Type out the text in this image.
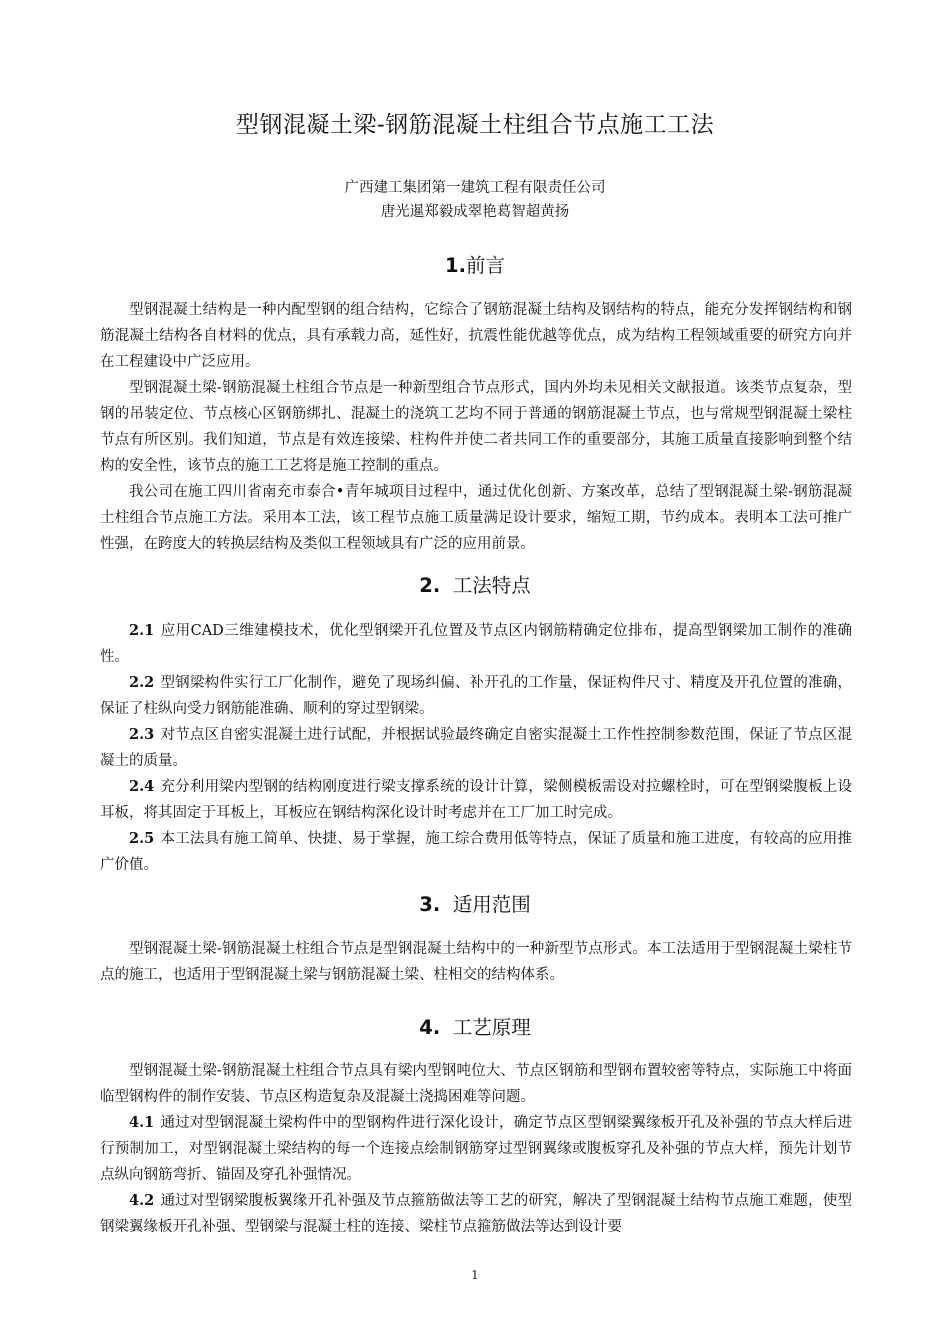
型钢混凝土梁-钢筋混凝土柱组合节点施工工法
广西建工集团第一建筑工程有限责任公司
唐光暹郑毅成翠艳葛智超黄扬
1.前言

型钢混凝土结构是一种内配型钢的组合结构，它综合了钢筋混凝土结构及钢结构的特点，能充分发挥钢结构和钢筋混凝土结构各自材料的优点，具有承载力高，延性好，抗震性能优越等优点，成为结构工程领域重要的研究方向并在工程建设中广泛应用。

型钢混凝土梁-钢筋混凝土柱组合节点是一种新型组合节点形式，国内外均未见相关文献报道。该类节点复杂，型钢的吊装定位、节点核心区钢筋绑扎、混凝土的浇筑工艺均不同于普通的钢筋混凝土节点，也与常规型钢混凝土梁柱节点有所区别。我们知道，节点是有效连接梁、柱构件并使二者共同工作的重要部分，其施工质量直接影响到整个结构的安全性，该节点的施工工艺将是施工控制的重点。

我公司在施工四川省南充市泰合•青年城项目过程中，通过优化创新、方案改革，总结了型钢混凝土梁-钢筋混凝土柱组合节点施工方法。采用本工法，该工程节点施工质量满足设计要求，缩短工期，节约成本。表明本工法可推广性强，在跨度大的转换层结构及类似工程领域具有广泛的应用前景。

2. 工法特点

2.1 应用CAD三维建模技术，优化型钢梁开孔位置及节点区内钢筋精确定位排布，提高型钢梁加工制作的准确性。

2.2 型钢梁构件实行工厂化制作，避免了现场纠偏、补开孔的工作量，保证构件尺寸、精度及开孔位置的准确，保证了柱纵向受力钢筋能准确、顺利的穿过型钢梁。

2.3 对节点区自密实混凝土进行试配，并根据试验最终确定自密实混凝土工作性控制参数范围，保证了节点区混凝土的质量。

2.4 充分利用梁内型钢的结构刚度进行梁支撑系统的设计计算，梁侧模板需设对拉螺栓时，可在型钢梁腹板上设耳板，将其固定于耳板上，耳板应在钢结构深化设计时考虑并在工厂加工时完成。

2.5 本工法具有施工简单、快捷、易于掌握，施工综合费用低等特点，保证了质量和施工进度，有较高的应用推广价值。

3. 适用范围

型钢混凝土梁-钢筋混凝土柱组合节点是型钢混凝土结构中的一种新型节点形式。本工法适用于型钢混凝土梁柱节点的施工，也适用于型钢混凝土梁与钢筋混凝土梁、柱相交的结构体系。

4. 工艺原理

型钢混凝土梁-钢筋混凝土柱组合节点具有梁内型钢吨位大、节点区钢筋和型钢布置较密等特点，实际施工中将面临型钢构件的制作安装、节点区构造复杂及混凝土浇捣困难等问题。

4.1 通过对型钢混凝土梁构件中的型钢构件进行深化设计，确定节点区型钢梁翼缘板开孔及补强的节点大样后进行预制加工，对型钢混凝土梁结构的每一个连接点绘制钢筋穿过型钢翼缘或腹板穿孔及补强的节点大样，预先计划节点纵向钢筋弯折、锚固及穿孔补强情况。

4.2 通过对型钢梁腹板翼缘开孔补强及节点箍筋做法等工艺的研究，解决了型钢混凝土结构节点施工难题，使型钢梁翼缘板开孔补强、型钢梁与混凝土柱的连接、梁柱节点箍筋做法等达到设计要

1
